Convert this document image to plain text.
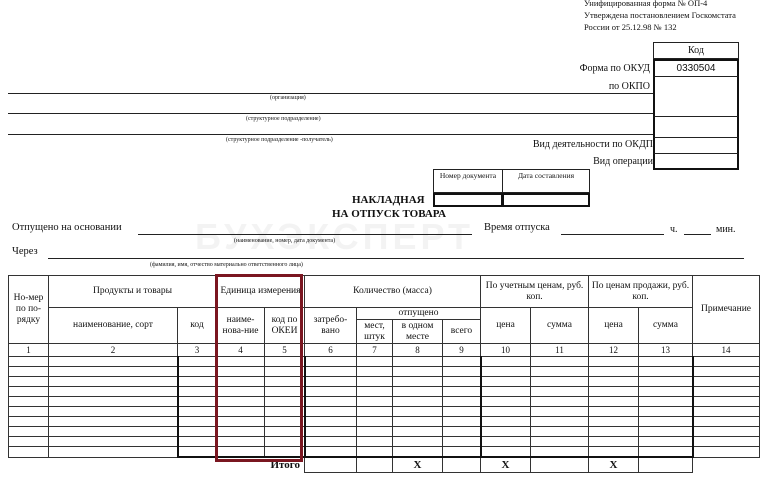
Унифицированная форма № ОП-4
Утверждена постановлением Госкомстата
России от 25.12.98 № 132
Код
0330504
Форма по ОКУД
по ОКПО
Вид деятельности по ОКДП
Вид операции
(организация)
(структурное подразделение)
(структурное подразделение -получатель)
Номер документа	Дата составления
НАКЛАДНАЯ
НА ОТПУСК ТОВАРА
Отпущено на основании
(наименование, номер, дата документа)
Время отпуска	ч.	мин.
Через
(фамилия, имя, отчество материально ответственного лица)
Но-мер по по-рядку	Продукты и товары		Единица измерения		Количество (масса)				По учетным ценам, руб. коп.		По ценам продажи, руб. коп.		Примечание
	наименование, сорт	код	наиме-нова-ние	код по ОКЕИ	затребо-вано	отпущено			цена	сумма	цена	сумма	
						мест, штук	в одном месте	всего					
1	2	3	4	5	6	7	8	9	10	11	12	13	14

		Итого					Х		Х		Х		
